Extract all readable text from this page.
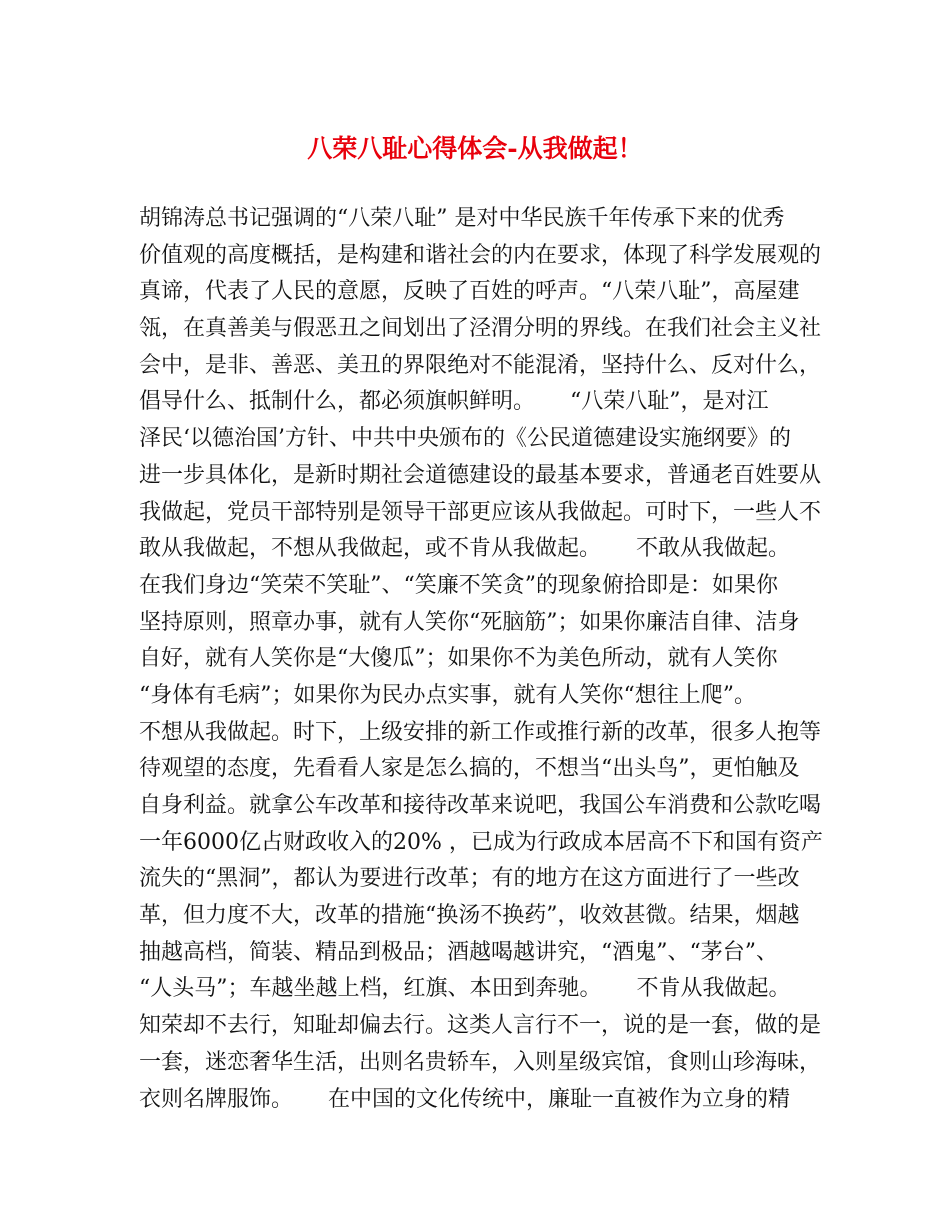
八荣八耻心得体会-从我做起！
胡锦涛总书记强调的“八荣八耻” 是对中华民族千年传承下来的优秀
价值观的高度概括，是构建和谐社会的内在要求，体现了科学发展观的
真谛，代表了人民的意愿，反映了百姓的呼声。“八荣八耻”，高屋建
瓴，在真善美与假恶丑之间划出了泾渭分明的界线。在我们社会主义社
会中，是非、善恶、美丑的界限绝对不能混淆，坚持什么、反对什么，
倡导什么、抵制什么，都必须旗帜鲜明。     “八荣八耻”，是对江
泽民‘以德治国’方针、中共中央颁布的《公民道德建设实施纲要》的
进一步具体化，是新时期社会道德建设的最基本要求，普通老百姓要从
我做起，党员干部特别是领导干部更应该从我做起。可时下，一些人不
敢从我做起，不想从我做起，或不肯从我做起。     不敢从我做起。
在我们身边“笑荣不笑耻”、“笑廉不笑贪”的现象俯拾即是：如果你
坚持原则，照章办事，就有人笑你“死脑筋”；如果你廉洁自律、洁身
自好，就有人笑你是“大傻瓜”；如果你不为美色所动，就有人笑你
“身体有毛病”；如果你为民办点实事，就有人笑你“想往上爬”。
不想从我做起。时下，上级安排的新工作或推行新的改革，很多人抱等
待观望的态度，先看看人家是怎么搞的，不想当“出头鸟”，更怕触及
自身利益。就拿公车改革和接待改革来说吧，我国公车消费和公款吃喝
一年6000亿占财政收入的20% ，已成为行政成本居高不下和国有资产
流失的“黑洞”，都认为要进行改革；有的地方在这方面进行了一些改
革，但力度不大，改革的措施“换汤不换药”，收效甚微。结果，烟越
抽越高档，简装、精品到极品；酒越喝越讲究，“酒鬼”、“茅台”、
“人头马”；车越坐越上档，红旗、本田到奔驰。     不肯从我做起。
知荣却不去行，知耻却偏去行。这类人言行不一，说的是一套，做的是
一套，迷恋奢华生活，出则名贵轿车，入则星级宾馆，食则山珍海味，
衣则名牌服饰。     在中国的文化传统中，廉耻一直被作为立身的精
